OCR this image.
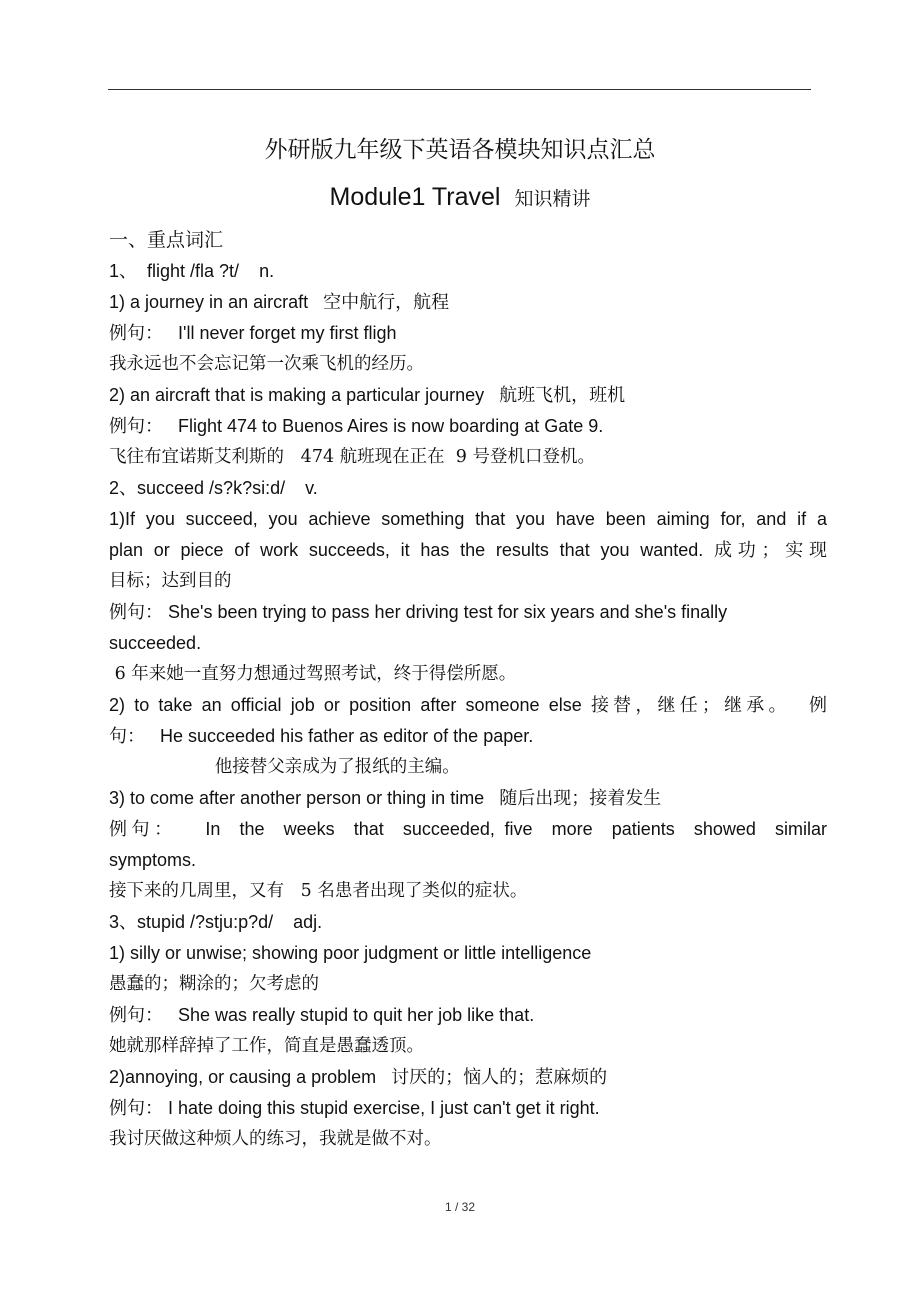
外研版九年级下英语各模块知识点汇总
Module1 Travel 知识精讲
一、重点词汇
1、  flight /fla ?t/    n.
1) a journey in an aircraft   空中航行，航程
例句：   I'll never forget my first fligh
我永远也不会忘记第一次乘飞机的经历。
2) an aircraft that is making a particular journey   航班飞机，班机
例句：   Flight 474 to Buenos Aires is now boarding at Gate 9.
飞往布宜诺斯艾利斯的   474 航班现在正在  9 号登机口登机。
2、succeed /s?k?si:d/    v.
1)If you succeed, you achieve something that you have been aiming for, and if a
plan or piece of work succeeds, it has the results that you wanted. 成功；实现
目标；达到目的
例句： She's been trying to pass her driving test for six years and she's finally
succeeded.
6 年来她一直努力想通过驾照考试，终于得偿所愿。
2) to take an official job or position after someone else 接替，继任；继承。  例
句：   He succeeded his father as editor of the paper.
他接替父亲成为了报纸的主编。
3) to come after another person or thing in time   随后出现；接着发生
例句：   In  the  weeks  that  succeeded, five  more  patients  showed  similar
symptoms.
接下来的几周里，又有   5 名患者出现了类似的症状。
3、stupid /?stju:p?d/    adj.
1) silly or unwise; showing poor judgment or little intelligence
愚蠢的；糊涂的；欠考虑的
例句：   She was really stupid to quit her job like that.
她就那样辞掉了工作，简直是愚蠢透顶。
2)annoying, or causing a problem   讨厌的；恼人的；惹麻烦的
例句： I hate doing this stupid exercise, I just can't get it right.
我讨厌做这种烦人的练习，我就是做不对。
1 / 32
